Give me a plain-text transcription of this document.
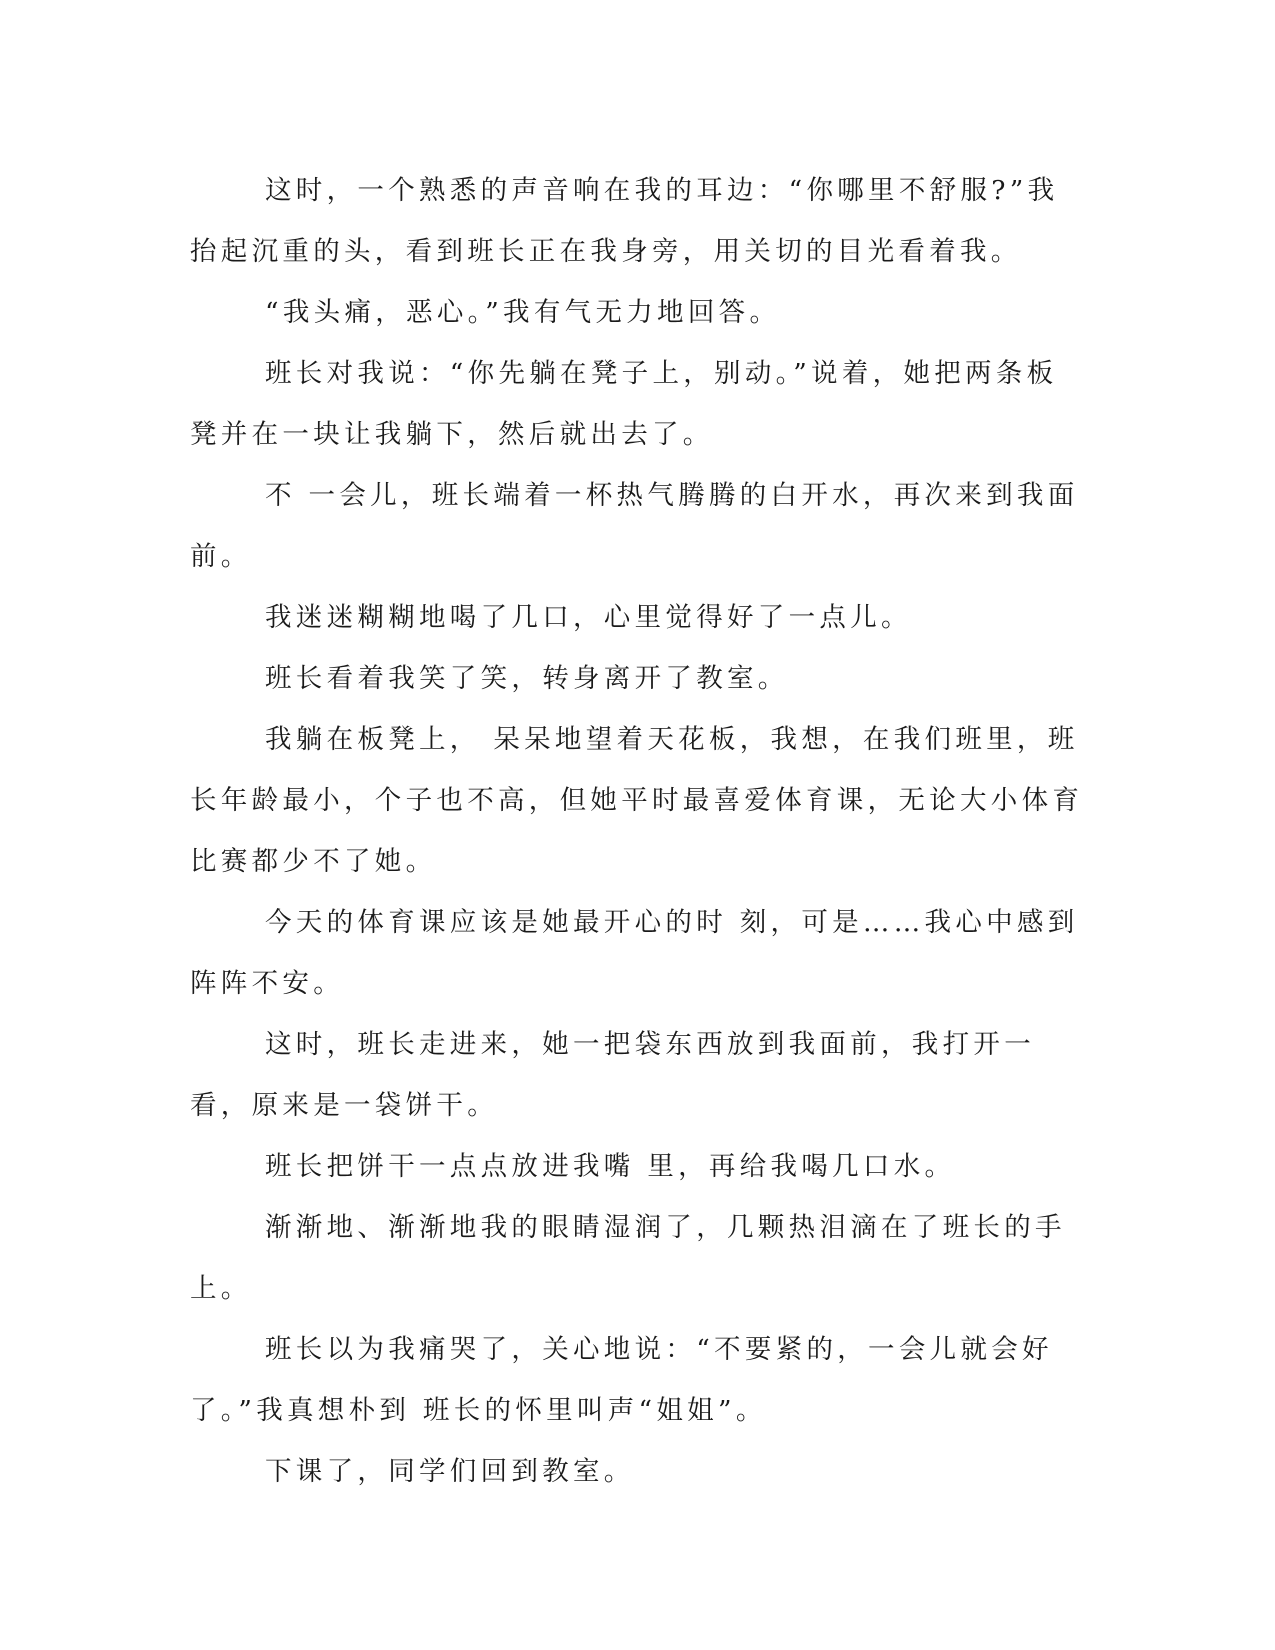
这时，一个熟悉的声音响在我的耳边：“你哪里不舒服?”我抬起沉重的头，看到班长正在我身旁，用关切的目光看着我。

“我头痛，恶心。”我有气无力地回答。

班长对我说：“你先躺在凳子上，别动。”说着，她把两条板凳并在一块让我躺下，然后就出去了。

不 一会儿，班长端着一杯热气腾腾的白开水，再次来到我面前。

我迷迷糊糊地喝了几口，心里觉得好了一点儿。

班长看着我笑了笑，转身离开了教室。

我躺在板凳上， 呆呆地望着天花板，我想，在我们班里，班长年龄最小，个子也不高，但她平时最喜爱体育课，无论大小体育比赛都少不了她。

今天的体育课应该是她最开心的时 刻，可是……我心中感到阵阵不安。

这时，班长走进来，她一把袋东西放到我面前，我打开一看，原来是一袋饼干。

班长把饼干一点点放进我嘴 里，再给我喝几口水。

渐渐地、渐渐地我的眼睛湿润了，几颗热泪滴在了班长的手上。

班长以为我痛哭了，关心地说：“不要紧的，一会儿就会好了。”我真想朴到 班长的怀里叫声“姐姐”。

下课了，同学们回到教室。
